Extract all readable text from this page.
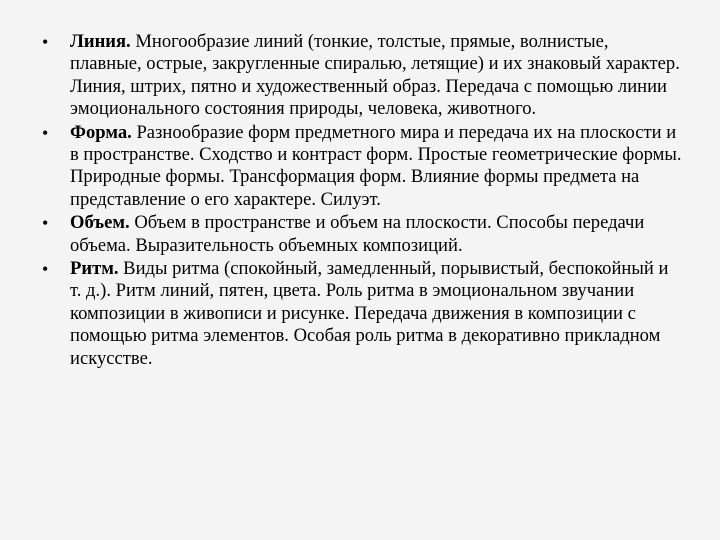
• Линия. Многообразие линий (тонкие, толстые, прямые, волнистые, плавные, острые, закругленные спиралью, летящие) и их знаковый характер. Линия, штрих, пятно и художественный образ. Передача с помощью линии эмоционального состояния природы, человека, животного.
• Форма. Разнообразие форм предметного мира и передача их на плоскости и в пространстве. Сходство и контраст форм. Простые геометрические формы. Природные формы. Трансформация форм. Влияние формы предмета на представление о его характере. Силуэт.
• Объем. Объем в пространстве и объем на плоскости. Способы передачи объема. Выразительность объемных композиций.
• Ритм. Виды ритма (спокойный, замедленный, порывистый, беспокойный и т. д.). Ритм линий, пятен, цвета. Роль ритма в эмоциональном звучании композиции в живописи и рисунке. Передача движения в композиции с помощью ритма элементов. Особая роль ритма в декоративно прикладном искусстве.
